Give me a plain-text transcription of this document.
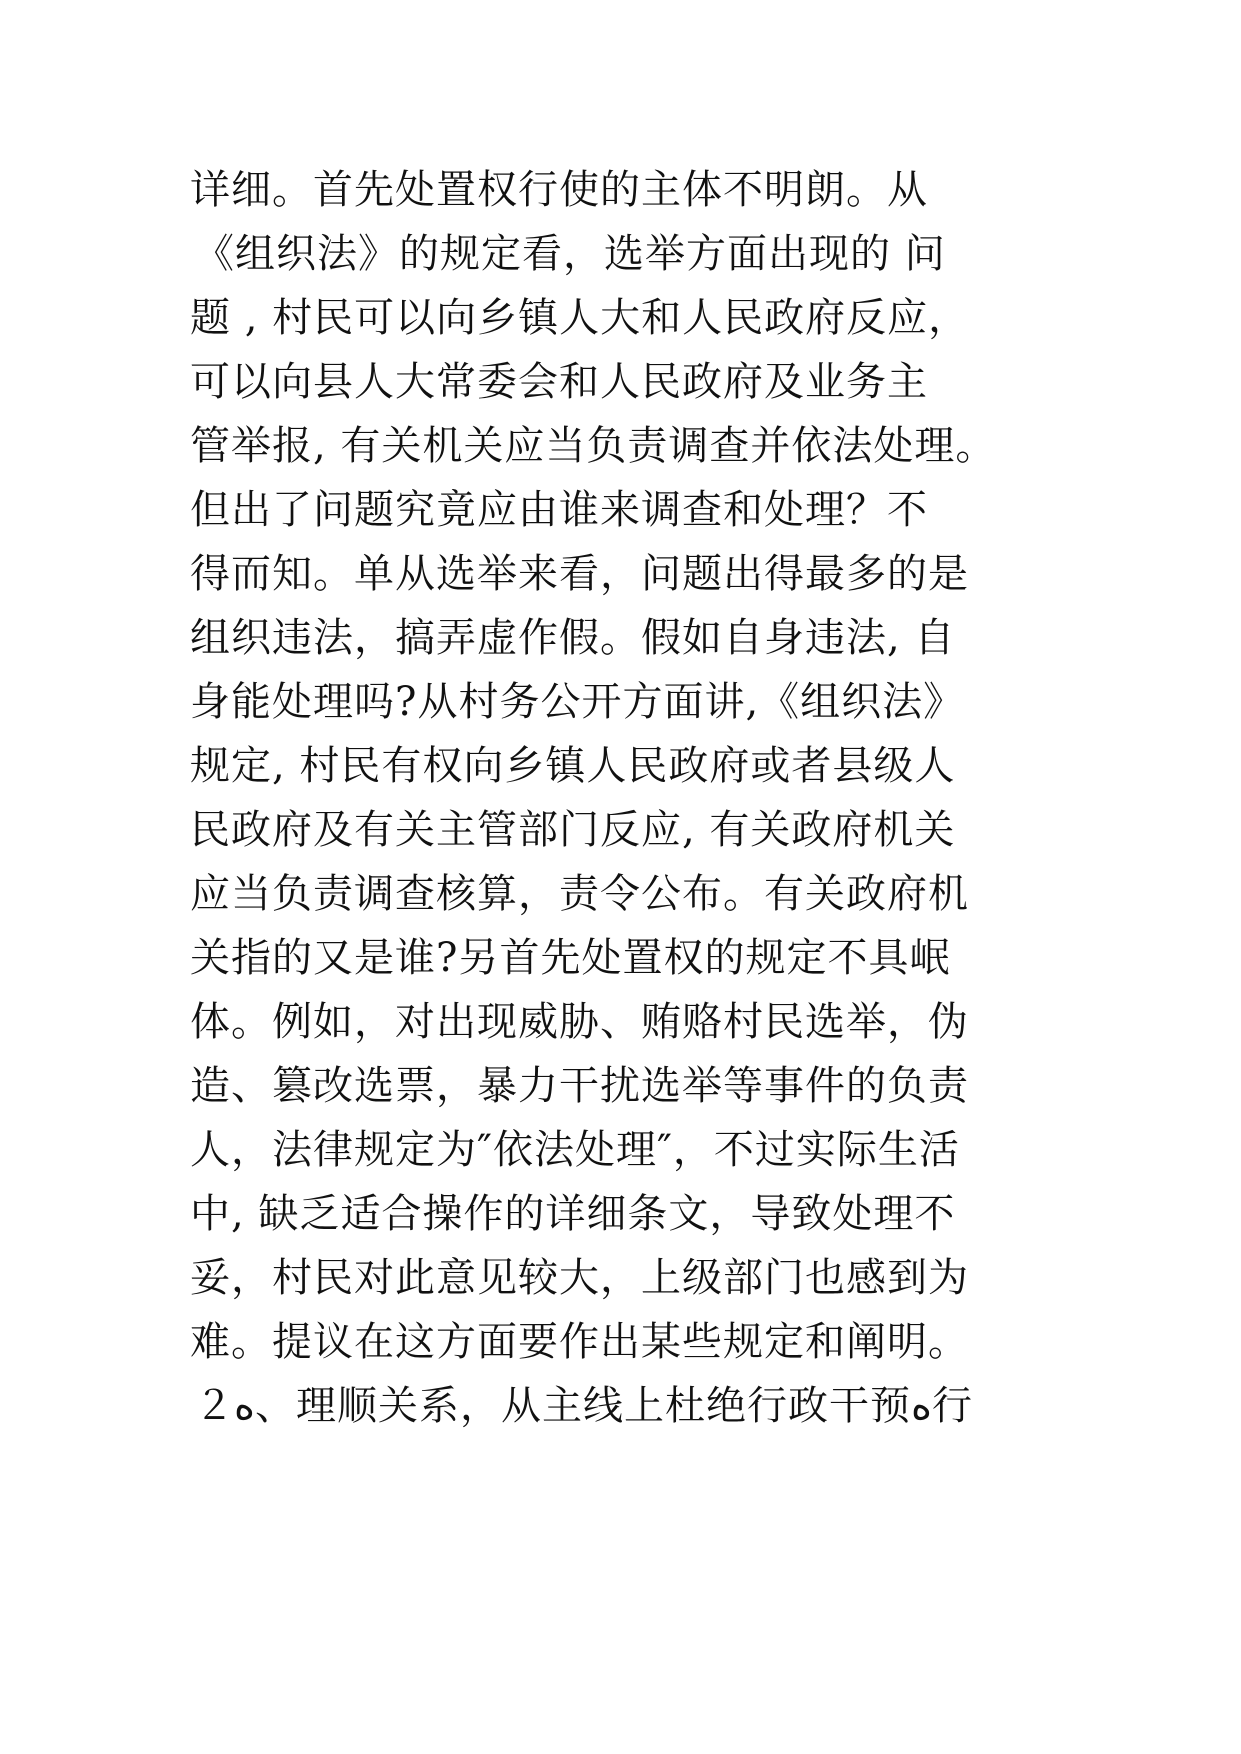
详细。首先处置权行使的主体不明朗。从
《组织法》的规定看，选举方面出现的 问
题 , 村民可以向乡镇人大和人民政府反应，
可以向县人大常委会和人民政府及业务主
管举报, 有关机关应当负责调查并依法处理。
但出了问题究竟应由谁来调查和处理？不
得而知。单从选举来看，问题出得最多的是
组织违法，搞弄虚作假。假如自身违法, 自
身能处理吗?从村务公开方面讲,《组织法》
规定, 村民有权向乡镇人民政府或者县级人
民政府及有关主管部门反应, 有关政府机关
应当负责调查核算，责令公布。有关政府机
关指的又是谁?另首先处置权的规定不具岷
体。例如，对出现威胁、贿赂村民选举，伪
造、篡改选票，暴力干扰选举等事件的负责
人，法律规定为″依法处理″，不过实际生活
中, 缺乏适合操作的详细条文，导致处理不
妥，村民对此意见较大，上级部门也感到为
难。提议在这方面要作出某些规定和阐明。
２ه、理顺关系，从主线上杜绝行政干预ه行
